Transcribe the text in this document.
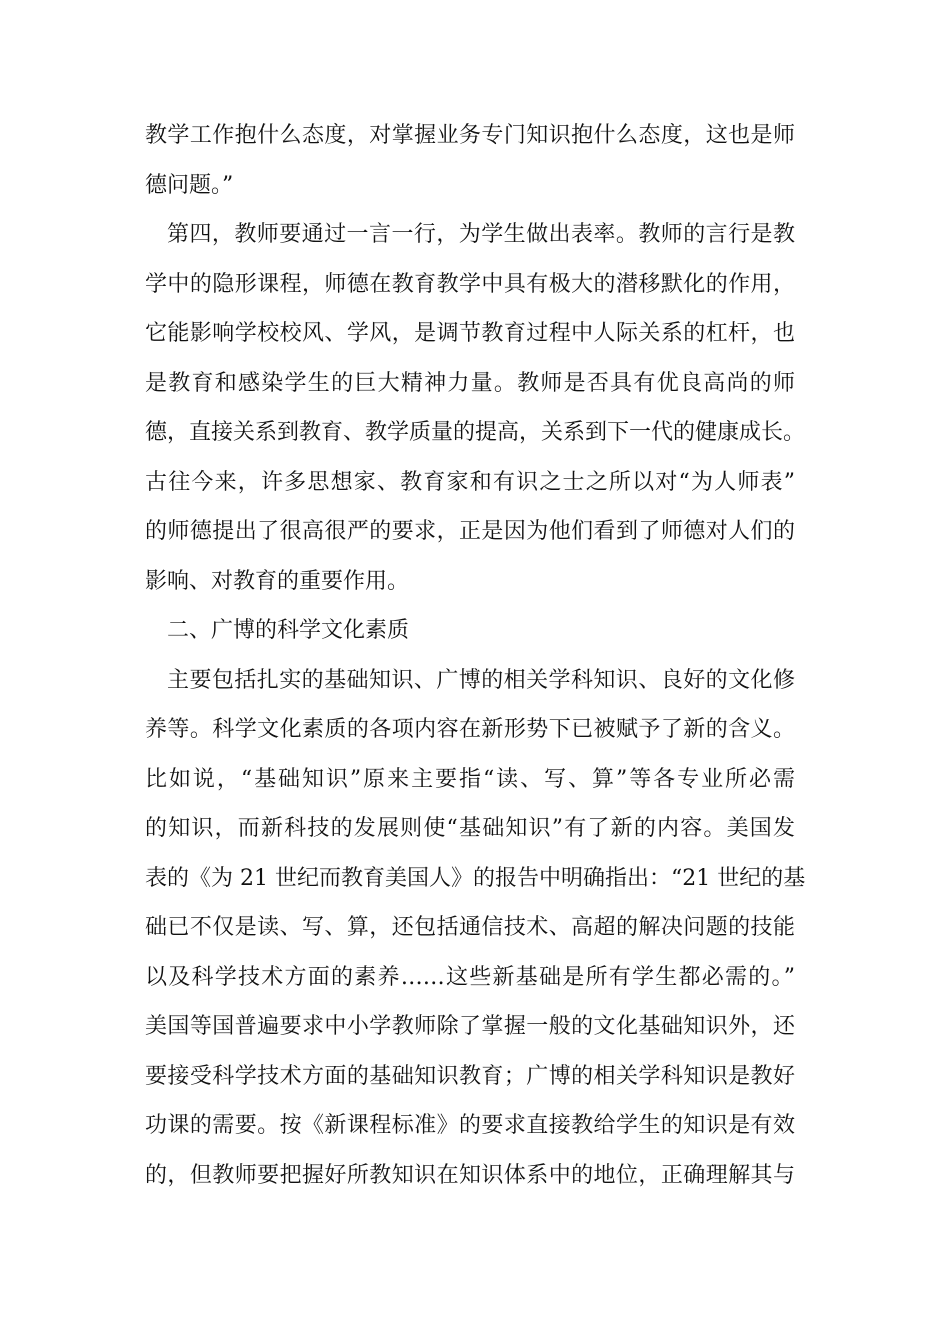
教学工作抱什么态度，对掌握业务专门知识抱什么态度，这也是师
德问题。”
第四，教师要通过一言一行，为学生做出表率。教师的言行是教
学中的隐形课程，师德在教育教学中具有极大的潜移默化的作用，
它能影响学校校风、学风，是调节教育过程中人际关系的杠杆，也
是教育和感染学生的巨大精神力量。教师是否具有优良高尚的师
德，直接关系到教育、教学质量的提高，关系到下一代的健康成长。
古往今来，许多思想家、教育家和有识之士之所以对“为人师表”
的师德提出了很高很严的要求，正是因为他们看到了师德对人们的
影响、对教育的重要作用。
二、广博的科学文化素质
主要包括扎实的基础知识、广博的相关学科知识、良好的文化修
养等。科学文化素质的各项内容在新形势下已被赋予了新的含义。
比如说，“基础知识”原来主要指“读、写、算”等各专业所必需
的知识，而新科技的发展则使“基础知识”有了新的内容。美国发
表的《为 21 世纪而教育美国人》的报告中明确指出：“21 世纪的基
础已不仅是读、写、算，还包括通信技术、高超的解决问题的技能
以及科学技术方面的素养……这些新基础是所有学生都必需的。”
美国等国普遍要求中小学教师除了掌握一般的文化基础知识外，还
要接受科学技术方面的基础知识教育；广博的相关学科知识是教好
功课的需要。按《新课程标准》的要求直接教给学生的知识是有效
的，但教师要把握好所教知识在知识体系中的地位，正确理解其与
